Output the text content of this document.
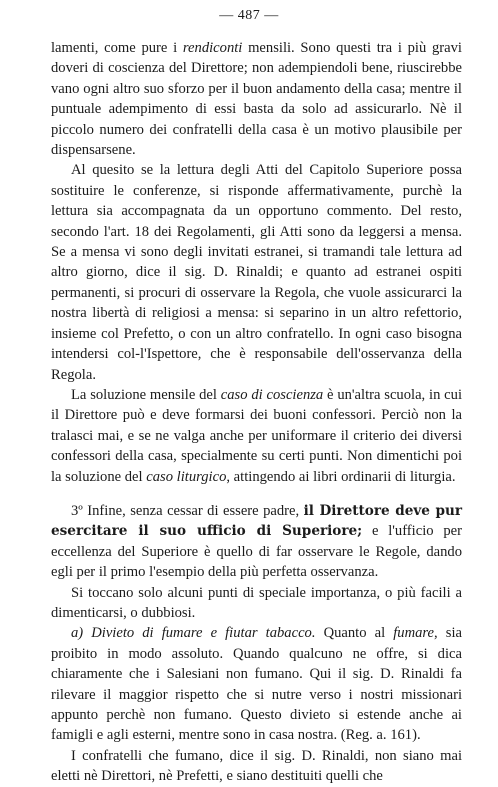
— 487 —

lamenti, come pure i rendiconti mensili. Sono questi tra i più gravi doveri di coscienza del Direttore; non adempiendoli bene, riuscirebbe vano ogni altro suo sforzo per il buon andamento della casa; mentre il puntuale adempimento di essi basta da solo ad assicurarlo. Nè il piccolo numero dei confratelli della casa è un motivo plausibile per dispensarsene.

Al quesito se la lettura degli Atti del Capitolo Superiore possa sostituire le conferenze, si risponde affermativamente, purchè la lettura sia accompagnata da un opportuno commento. Del resto, secondo l'art. 18 dei Regolamenti, gli Atti sono da leggersi a mensa. Se a mensa vi sono degli invitati estranei, si tramandi tale lettura ad altro giorno, dice il sig. D. Rinaldi; e quanto ad estranei ospiti permanenti, si procuri di osservare la Regola, che vuole assicurarci la nostra libertà di religiosi a mensa: si separino in un altro refettorio, insieme col Prefetto, o con un altro confratello. In ogni caso bisogna intendersi col-l'Ispettore, che è responsabile dell'osservanza della Regola.

La soluzione mensile del caso di coscienza è un'altra scuola, in cui il Direttore può e deve formarsi dei buoni confessori. Perciò non la tralasci mai, e se ne valga anche per uniformare il criterio dei diversi confessori della casa, specialmente su certi punti. Non dimentichi poi la soluzione del caso liturgico, attingendo ai libri ordinarii di liturgia.

3º Infine, senza cessar di essere padre, il Direttore deve pur esercitare il suo ufficio di Superiore; e l'ufficio per eccellenza del Superiore è quello di far osservare le Regole, dando egli per il primo l'esempio della più perfetta osservanza.

Si toccano solo alcuni punti di speciale importanza, o più facili a dimenticarsi, o dubbiosi.

a) Divieto di fumare e fiutar tabacco. Quanto al fumare, sia proibito in modo assoluto. Quando qualcuno ne offre, si dica chiaramente che i Salesiani non fumano. Qui il sig. D. Rinaldi fa rilevare il maggior rispetto che si nutre verso i nostri missionari appunto perchè non fumano. Questo divieto si estende anche ai famigli e agli esterni, mentre sono in casa nostra. (Reg. a. 161).

I confratelli che fumano, dice il sig. D. Rinaldi, non siano mai eletti nè Direttori, nè Prefetti, e siano destituiti quelli che
